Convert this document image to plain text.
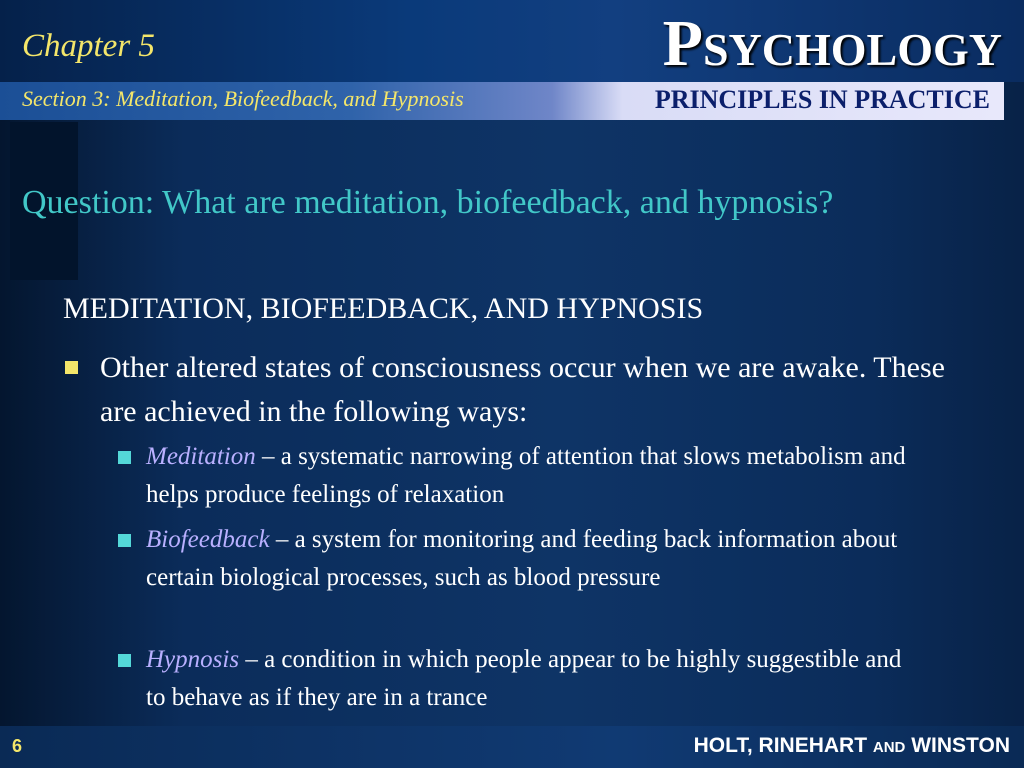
Chapter 5	PSYCHOLOGY
Section 3: Meditation, Biofeedback, and Hypnosis	PRINCIPLES IN PRACTICE
Question: What are meditation, biofeedback, and hypnosis?
MEDITATION, BIOFEEDBACK, AND HYPNOSIS
Other altered states of consciousness occur when we are awake. These are achieved in the following ways:
Meditation – a systematic narrowing of attention that slows metabolism and helps produce feelings of relaxation
Biofeedback – a system for monitoring and feeding back information about certain biological processes, such as blood pressure
Hypnosis – a condition in which people appear to be highly suggestible and to behave as if they are in a trance
6	HOLT, RINEHART AND WINSTON
